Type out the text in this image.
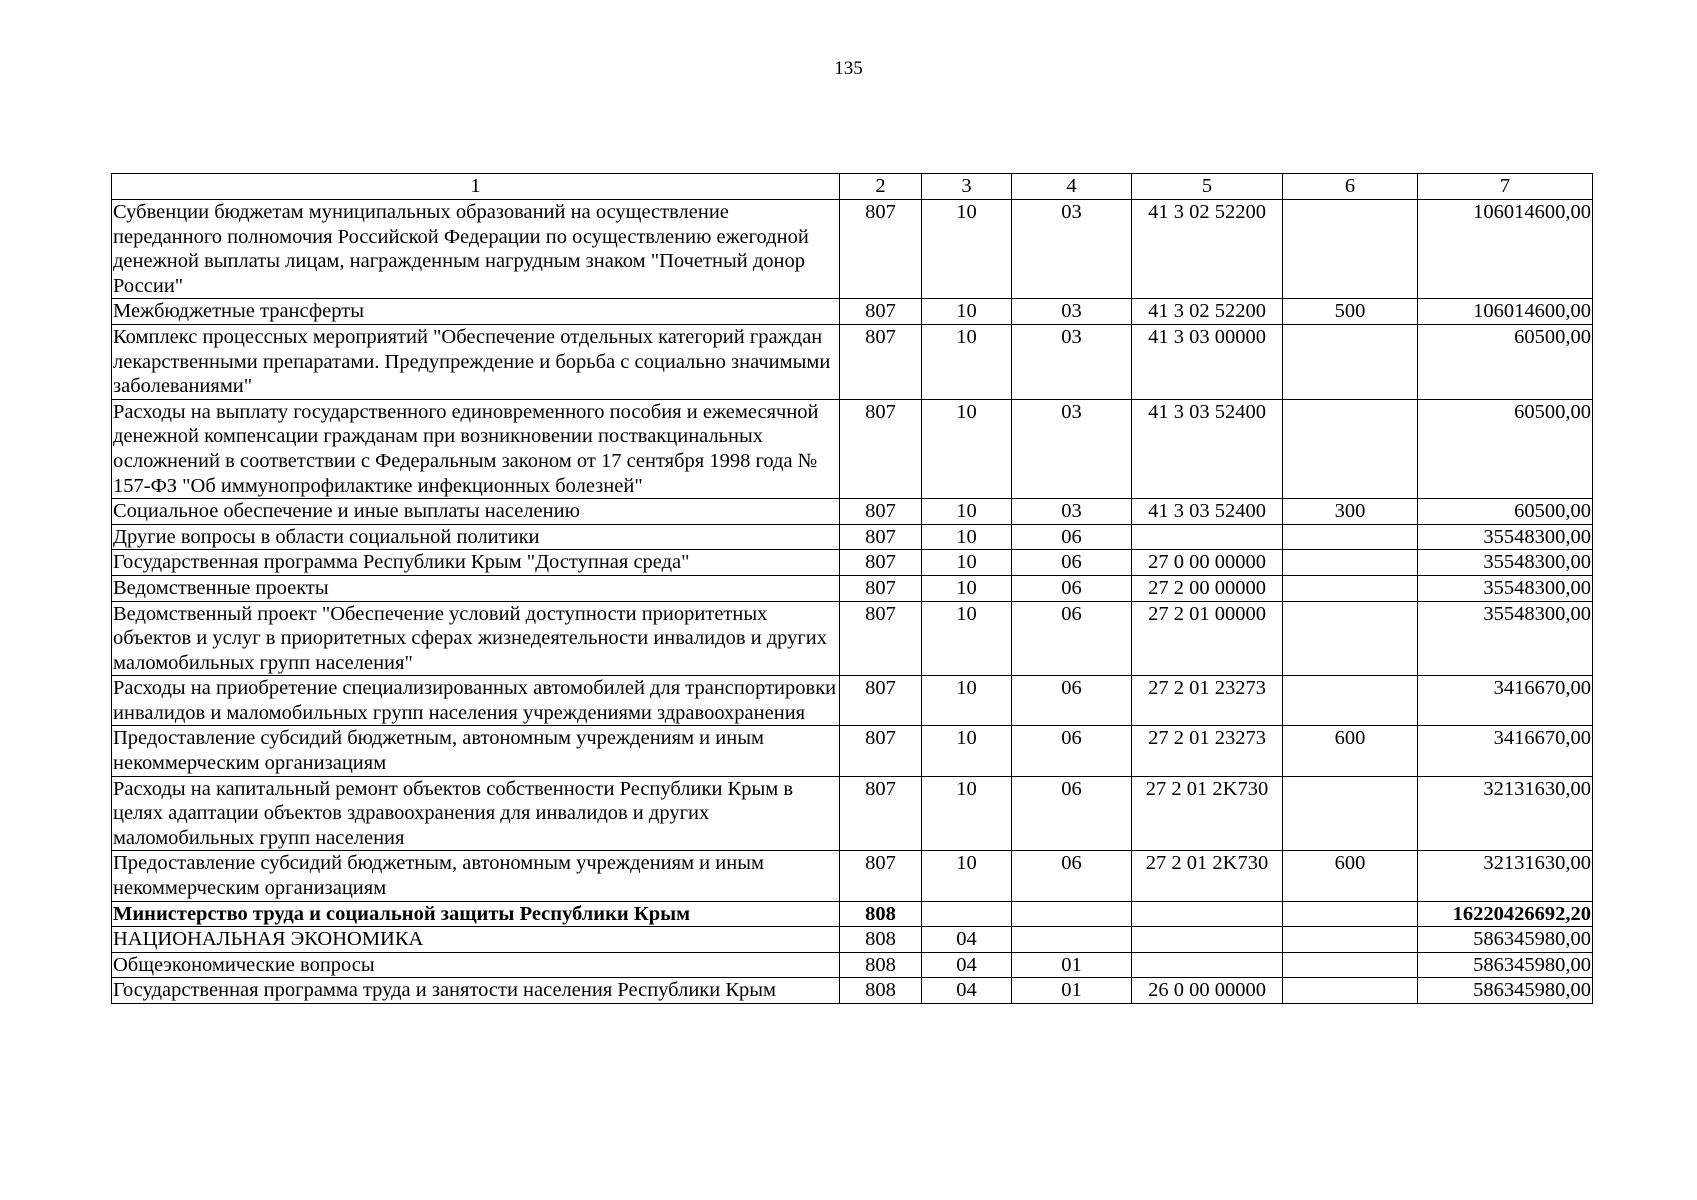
135
1	2	3	4	5	6	7
Субвенции бюджетам муниципальных образований на осуществление переданного полномочия Российской Федерации по осуществлению ежегодной денежной выплаты лицам, награжденным нагрудным знаком "Почетный донор России"	807	10	03	41 3 02 52200		106014600,00
Межбюджетные трансферты	807	10	03	41 3 02 52200	500	106014600,00
Комплекс процессных мероприятий "Обеспечение отдельных категорий граждан лекарственными препаратами. Предупреждение и борьба с социально значимыми заболеваниями"	807	10	03	41 3 03 00000		60500,00
Расходы на выплату государственного единовременного пособия и ежемесячной денежной компенсации гражданам при возникновении поствакцинальных осложнений в соответствии с Федеральным законом от 17 сентября 1998 года № 157-ФЗ "Об иммунопрофилактике инфекционных болезней"	807	10	03	41 3 03 52400		60500,00
Социальное обеспечение и иные выплаты населению	807	10	03	41 3 03 52400	300	60500,00
Другие вопросы в области социальной политики	807	10	06			35548300,00
Государственная программа Республики Крым "Доступная среда"	807	10	06	27 0 00 00000		35548300,00
Ведомственные проекты	807	10	06	27 2 00 00000		35548300,00
Ведомственный проект "Обеспечение условий доступности приоритетных объектов и услуг в приоритетных сферах жизнедеятельности инвалидов и других маломобильных групп населения"	807	10	06	27 2 01 00000		35548300,00
Расходы на приобретение специализированных автомобилей для транспортировки инвалидов и маломобильных групп населения учреждениями здравоохранения	807	10	06	27 2 01 23273		3416670,00
Предоставление субсидий бюджетным, автономным учреждениям и иным некоммерческим организациям	807	10	06	27 2 01 23273	600	3416670,00
Расходы на капитальный ремонт объектов собственности Республики Крым в целях адаптации объектов здравоохранения для инвалидов и других маломобильных групп населения	807	10	06	27 2 01 2K730		32131630,00
Предоставление субсидий бюджетным, автономным учреждениям и иным некоммерческим организациям	807	10	06	27 2 01 2K730	600	32131630,00
Министерство труда и социальной защиты Республики Крым	808					16220426692,20
НАЦИОНАЛЬНАЯ ЭКОНОМИКА	808	04				586345980,00
Общеэкономические вопросы	808	04	01			586345980,00
Государственная программа труда и занятости населения Республики Крым	808	04	01	26 0 00 00000		586345980,00
